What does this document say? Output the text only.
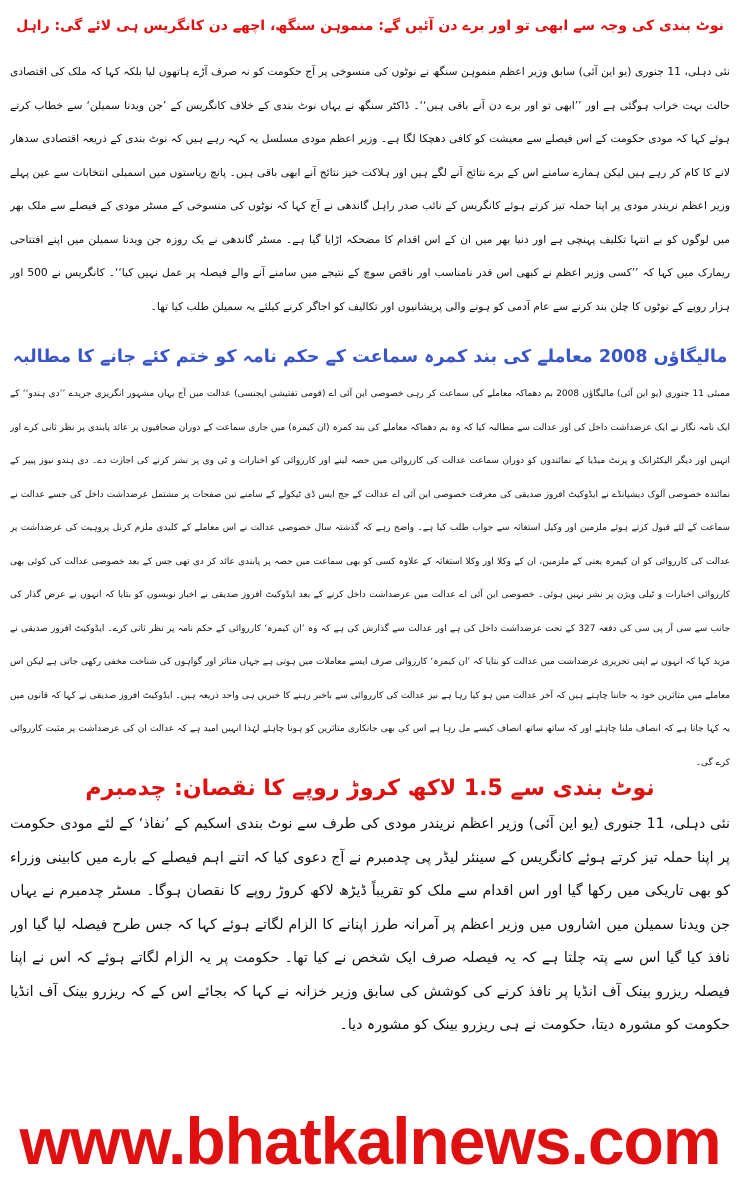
نوٹ بندی کی وجہ سے ابھی تو اور برے دن آئیں گے: منموہن سنگھ، اچھے دن کانگریس ہی لائے گی: راہل
نئی دہلی، 11 جنوری (یو این آئی) سابق وزیر اعظم منموہن سنگھ نے نوٹوں کی منسوخی پر آج حکومت کو نہ صرف آڑے ہاتھوں لیا بلکہ کہا کہ ملک کی اقتصادی حالت بہت خراب ہوگئی ہے اور ’’ابھی تو اور برے دن آنے باقی ہیں‘‘۔ ڈاکٹر سنگھ نے یہاں نوٹ بندی کے خلاف کانگریس کے ’جن ویدنا سمیلن‘ سے خطاب کرتے ہوئے کہا کہ مودی حکومت کے اس فیصلے سے معیشت کو کافی دھچکا لگا ہے۔ وزیر اعظم مودی مسلسل یہ کہہ رہے ہیں کہ نوٹ بندی کے ذریعہ اقتصادی سدھار لانے کا کام کر رہے ہیں لیکن ہمارے سامنے اس کے برے نتائج آنے لگے ہیں اور ہلاکت خیز نتائج آنے ابھی باقی ہیں۔ پانچ ریاستوں میں اسمبلی انتخابات سے عین پہلے وزیر اعظم نریندر مودی پر اپنا حملہ تیز کرتے ہوئے کانگریس کے نائب صدر راہل گاندھی نے آج کہا کہ نوٹوں کی منسوخی کے مسٹر مودی کے فیصلے سے ملک بھر میں لوگوں کو بے انتہا تکلیف پہنچی ہے اور دنیا بھر میں ان کے اس اقدام کا مضحکہ اڑایا گیا ہے۔ مسٹر گاندھی نے یک روزہ جن ویدنا سمیلن میں اپنے افتتاحی ریمارک میں کہا کہ ’’کسی وزیر اعظم نے کبھی اس قدر نامناسب اور ناقص سوچ کے نتیجے میں سامنے آنے والے فیصلہ پر عمل نہیں کیا‘‘۔ کانگریس نے 500 اور ہزار روپے کے نوٹوں کا چلن بند کرنے سے عام آدمی کو ہونے والی پریشانیوں اور تکالیف کو اجاگر کرنے کیلئے یہ سمیلن طلب کیا تھا۔
مالیگاؤں 2008 معاملے کی بند کمرہ سماعت کے حکم نامہ کو ختم کئے جانے کا مطالبہ
ممبئی 11 جنوری (یو این آئی) مالیگاؤں 2008 بم دھماکہ معاملے کی سماعت کر رہی خصوصی این آئی اے (قومی تفتیشی ایجنسی) عدالت میں آج یہاں مشہور انگریزی جریدے ’’دی ہندو‘‘ کے ایک نامہ نگار نے ایک عرضداشت داخل کی اور عدالت سے مطالبہ کیا کہ وہ بم دھماکہ معاملے کی بند کمرہ (ان کیمرہ) میں جاری سماعت کے دوران صحافیوں پر عائد پابندی پر نظر ثانی کرے اور انہیں اور دیگر الیکٹرانک و پرنٹ میڈیا کے نمائندوں کو دوران سماعت عدالت کی کارروائی میں حصہ لینے اور کارروائی کو اخبارات و ٹی وی پر نشر کرنے کی اجازت دے۔ دی ہندو نیوز پیپر کے نمائندہ خصوصی آلوک دیشپانڈے نے ایڈوکیٹ افروز صدیقی کی معرفت خصوصی این آئی اے عدالت کے جج ایس ڈی ٹیکولے کے سامنے تین صفحات پر مشتمل عرضداشت داخل کی جسے عدالت نے سماعت کے لئے قبول کرتے ہوئے ملزمین اور وکیل استغاثہ سے جواب طلب کیا ہے۔ واضح رہے کہ گذشتہ سال خصوصی عدالت نے اس معاملے کے کلیدی ملزم کرنل پروہیت کی عرضداشت پر عدالت کی کارروائی کو ان کیمرہ یعنی کے ملزمین، ان کے وکلا اور وکلا استغاثہ کے علاوہ کسی کو بھی سماعت میں حصہ پر پابندی عائد کر دی تھی جس کے بعد خصوصی عدالت کی کوئی بھی کارروائی اخبارات و ٹیلی ویژن پر نشر نہیں ہوئی۔ خصوصی این آئی اے عدالت میں عرضداشت داخل کرنے کے بعد ایڈوکیٹ افروز صدیقی نے اخبار نویسوں کو بتایا کہ انہوں نے عرض گذار کی جانب سے سی آر پی سی کی دفعہ 327 کے تحت عرضداشت داخل کی ہے اور عدالت سے گذارش کی ہے کہ وہ ’ان کیمرہ‘ کارروائی کے حکم نامہ پر نظر ثانی کرے۔ ایڈوکیٹ افروز صدیقی نے مزید کہا کہ انہوں نے اپنی تحریری عرضداشت میں عدالت کو بتایا کہ ’ان کیمرہ‘ کارروائی صرف ایسے معاملات میں ہوتی ہے جہاں متاثر اور گواہوں کی شناخت مخفی رکھی جاتی ہے لیکن اس معاملے میں متاثرین خود یہ جاننا چاہتے ہیں کہ آخر عدالت میں ہو کیا رہا ہے نیز عدالت کی کارروائی سے باخبر رہنے کا خبریں ہی واحد ذریعہ ہیں۔ ایڈوکیٹ افروز صدیقی نے کہا کہ قانون میں یہ کہا جاتا ہے کہ انصاف ملنا چاہئے اور کہ ساتھ ساتھ انصاف کیسے مل رہا ہے اس کی بھی جانکاری متاثرین کو ہونا چاہئے لہٰذا انہیں امید ہے کہ عدالت ان کی عرضداشت پر مثبت کارروائی کرے گی۔
نوٹ بندی سے 1.5 لاکھ کروڑ روپے کا نقصان: چدمبرم
نئی دہلی، 11 جنوری (یو این آئی) وزیر اعظم نریندر مودی کی طرف سے نوٹ بندی اسکیم کے ’نفاذ‘ کے لئے مودی حکومت پر اپنا حملہ تیز کرتے ہوئے کانگریس کے سینئر لیڈر پی چدمبرم نے آج دعوی کیا کہ اتنے اہم فیصلے کے بارے میں کابینی وزراء کو بھی تاریکی میں رکھا گیا اور اس اقدام سے ملک کو تقریباً ڈیڑھ لاکھ کروڑ روپے کا نقصان ہوگا۔ مسٹر چدمبرم نے یہاں جن ویدنا سمیلن میں اشاروں میں وزیر اعظم پر آمرانہ طرز اپنانے کا الزام لگاتے ہوئے کہا کہ جس طرح فیصلہ لیا گیا اور نافذ کیا گیا اس سے پتہ چلتا ہے کہ یہ فیصلہ صرف ایک شخص نے کیا تھا۔ حکومت پر یہ الزام لگاتے ہوئے کہ اس نے اپنا فیصلہ ریزرو بینک آف انڈیا پر نافذ کرنے کی کوشش کی سابق وزیر خزانہ نے کہا کہ بجائے اس کے کہ ریزرو بینک آف انڈیا حکومت کو مشورہ دیتا، حکومت نے ہی ریزرو بینک کو مشورہ دیا۔
www.bhatkalnews.com
